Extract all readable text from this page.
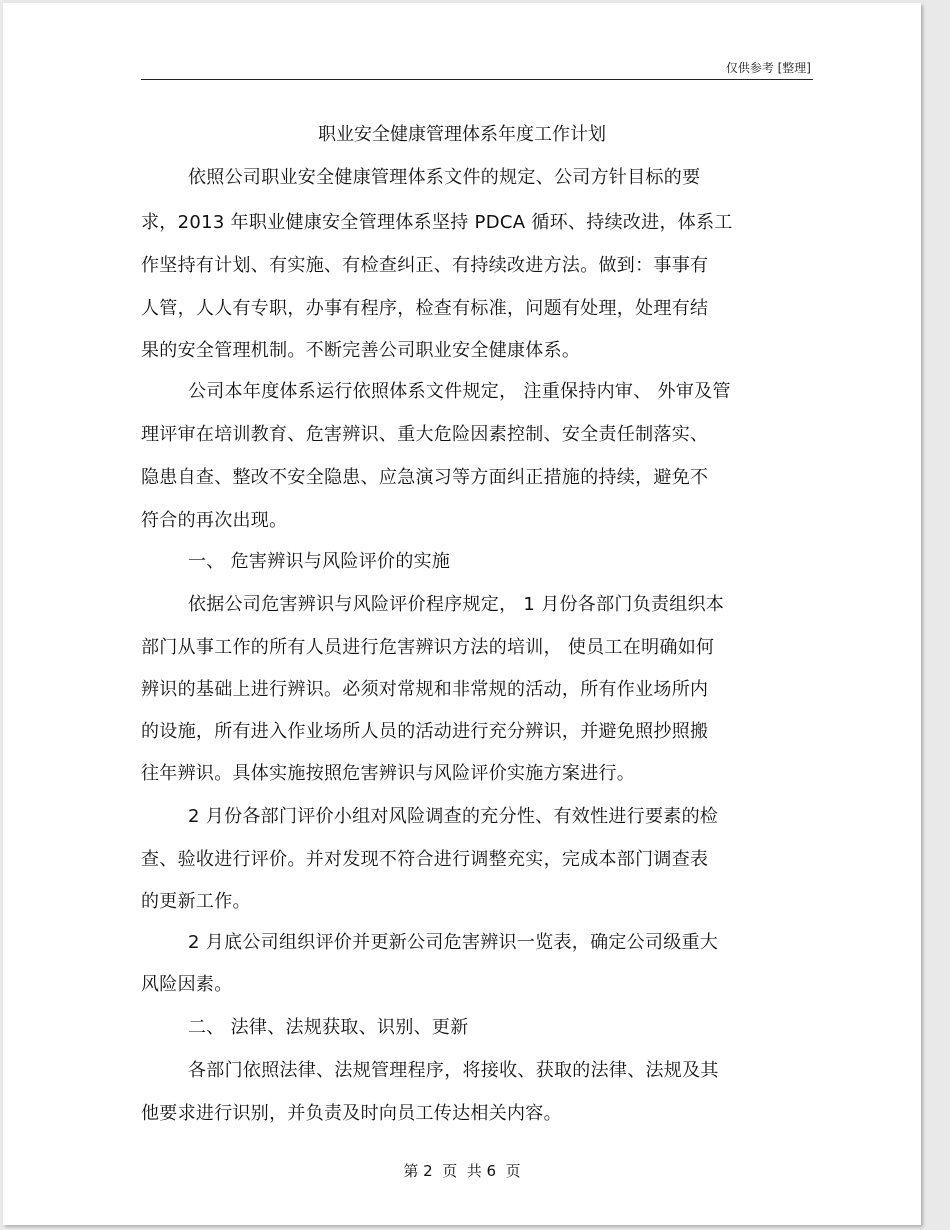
仅供参考 [整理]
职业安全健康管理体系年度工作计划
依照公司职业安全健康管理体系文件的规定、公司方针目标的要
求，2013 年职业健康安全管理体系坚持 PDCA 循环、持续改进，体系工
作坚持有计划、有实施、有检查纠正、有持续改进方法。做到：事事有
人管，人人有专职，办事有程序，检查有标准，问题有处理，处理有结
果的安全管理机制。不断完善公司职业安全健康体系。
公司本年度体系运行依照体系文件规定， 注重保持内审、 外审及管
理评审在培训教育、危害辨识、重大危险因素控制、安全责任制落实、
隐患自查、整改不安全隐患、应急演习等方面纠正措施的持续，避免不
符合的再次出现。
一、 危害辨识与风险评价的实施
依据公司危害辨识与风险评价程序规定， 1 月份各部门负责组织本
部门从事工作的所有人员进行危害辨识方法的培训， 使员工在明确如何
辨识的基础上进行辨识。必须对常规和非常规的活动，所有作业场所内
的设施，所有进入作业场所人员的活动进行充分辨识，并避免照抄照搬
往年辨识。具体实施按照危害辨识与风险评价实施方案进行。
2 月份各部门评价小组对风险调查的充分性、有效性进行要素的检
查、验收进行评价。并对发现不符合进行调整充实，完成本部门调查表
的更新工作。
2 月底公司组织评价并更新公司危害辨识一览表，确定公司级重大
风险因素。
二、 法律、法规获取、识别、更新
各部门依照法律、法规管理程序，将接收、获取的法律、法规及其
他要求进行识别，并负责及时向员工传达相关内容。
第 2  页  共 6  页
